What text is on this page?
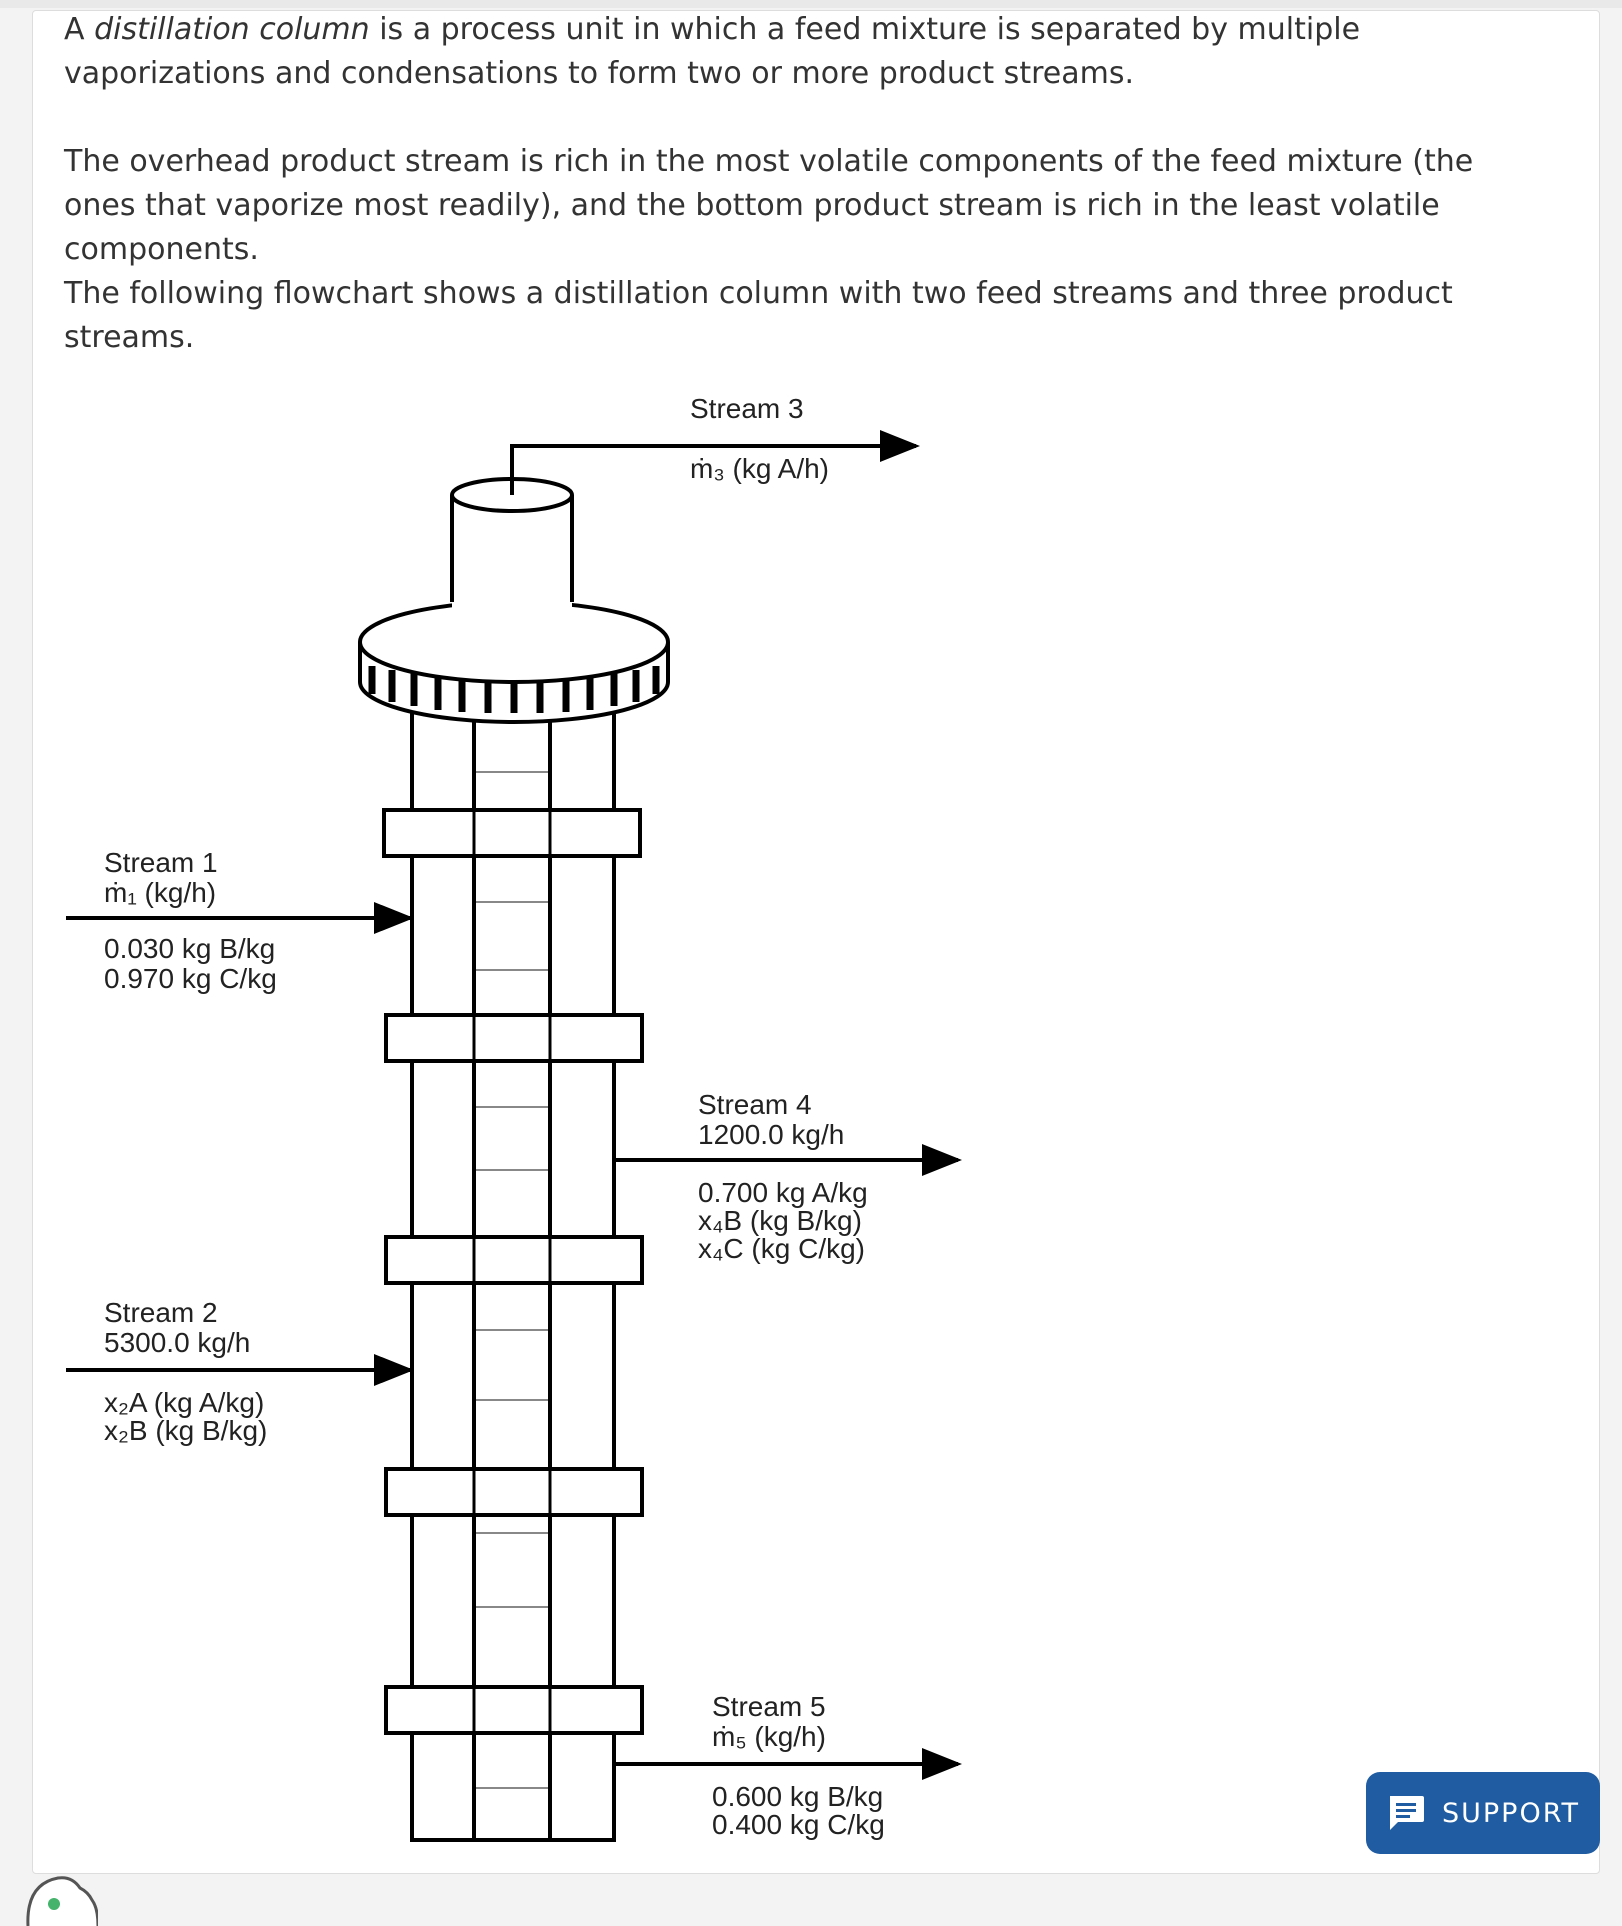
A distillation column is a process unit in which a feed mixture is separated by multiple vaporizations and condensations to form two or more product streams.

The overhead product stream is rich in the most volatile components of the feed mixture (the ones that vaporize most readily), and the bottom product stream is rich in the least volatile components.

The following flowchart shows a distillation column with two feed streams and three product streams.

Stream 3
ṁ₃ (kg A/h)
Stream 1
ṁ₁ (kg/h)
0.030 kg B/kg
0.970 kg C/kg
Stream 2
5300.0 kg/h
x₂A (kg A/kg)
x₂B (kg B/kg)
Stream 4
1200.0 kg/h
0.700 kg A/kg
x₄B (kg B/kg)
x₄C (kg C/kg)
Stream 5
ṁ₅ (kg/h)
0.600 kg B/kg
0.400 kg C/kg	SUPPORT
